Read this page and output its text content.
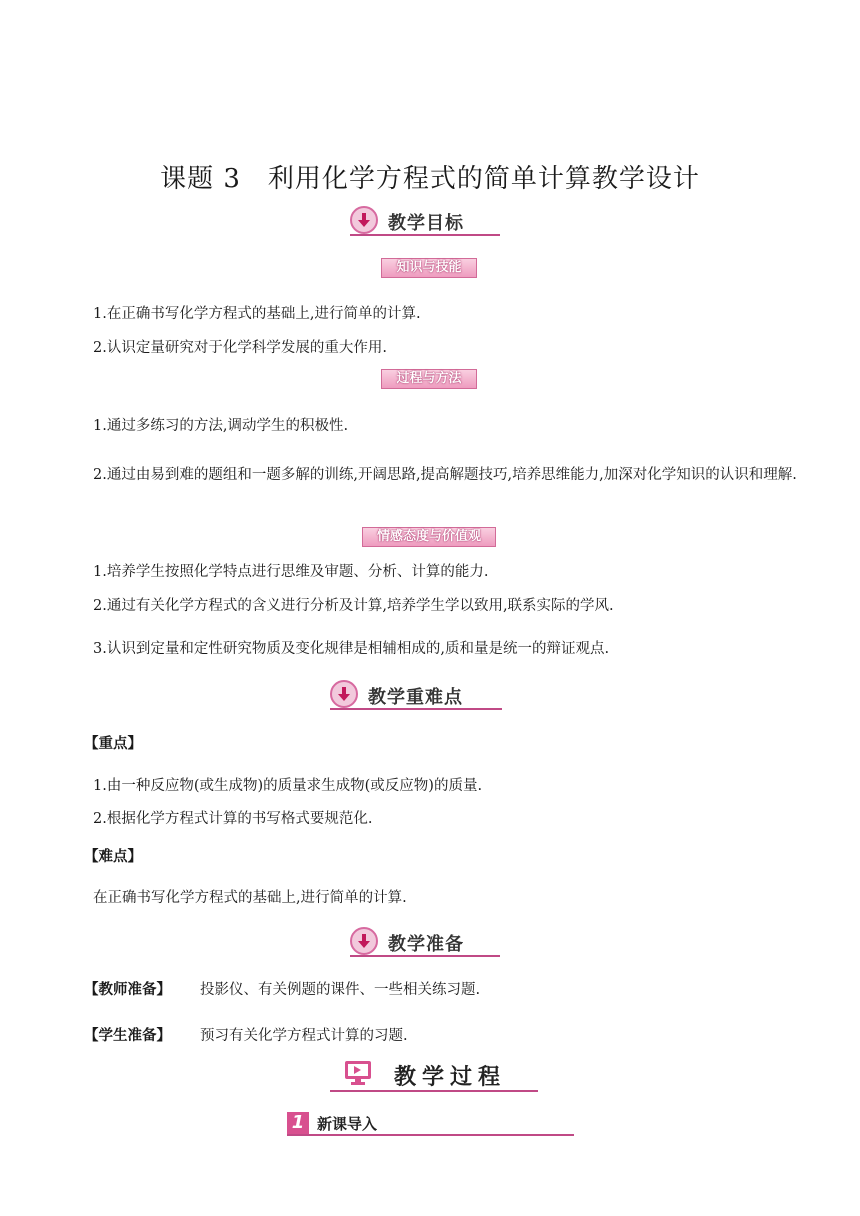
课题 3　利用化学方程式的简单计算教学设计
教学目标
知识与技能
1.在正确书写化学方程式的基础上,进行简单的计算.
2.认识定量研究对于化学科学发展的重大作用.
过程与方法
1.通过多练习的方法,调动学生的积极性.
2.通过由易到难的题组和一题多解的训练,开阔思路,提高解题技巧,培养思维能力,加深对化学知识的认识和理解.
情感态度与价值观
1.培养学生按照化学特点进行思维及审题、分析、计算的能力.
2.通过有关化学方程式的含义进行分析及计算,培养学生学以致用,联系实际的学风.
3.认识到定量和定性研究物质及变化规律是相辅相成的,质和量是统一的辩证观点.
教学重难点
【重点】
1.由一种反应物(或生成物)的质量求生成物(或反应物)的质量.
2.根据化学方程式计算的书写格式要规范化.
【难点】
在正确书写化学方程式的基础上,进行简单的计算.
教学准备
【教师准备】 投影仪、有关例题的课件、一些相关练习题.
【学生准备】 预习有关化学方程式计算的习题.
教学过程
1 新课导入
